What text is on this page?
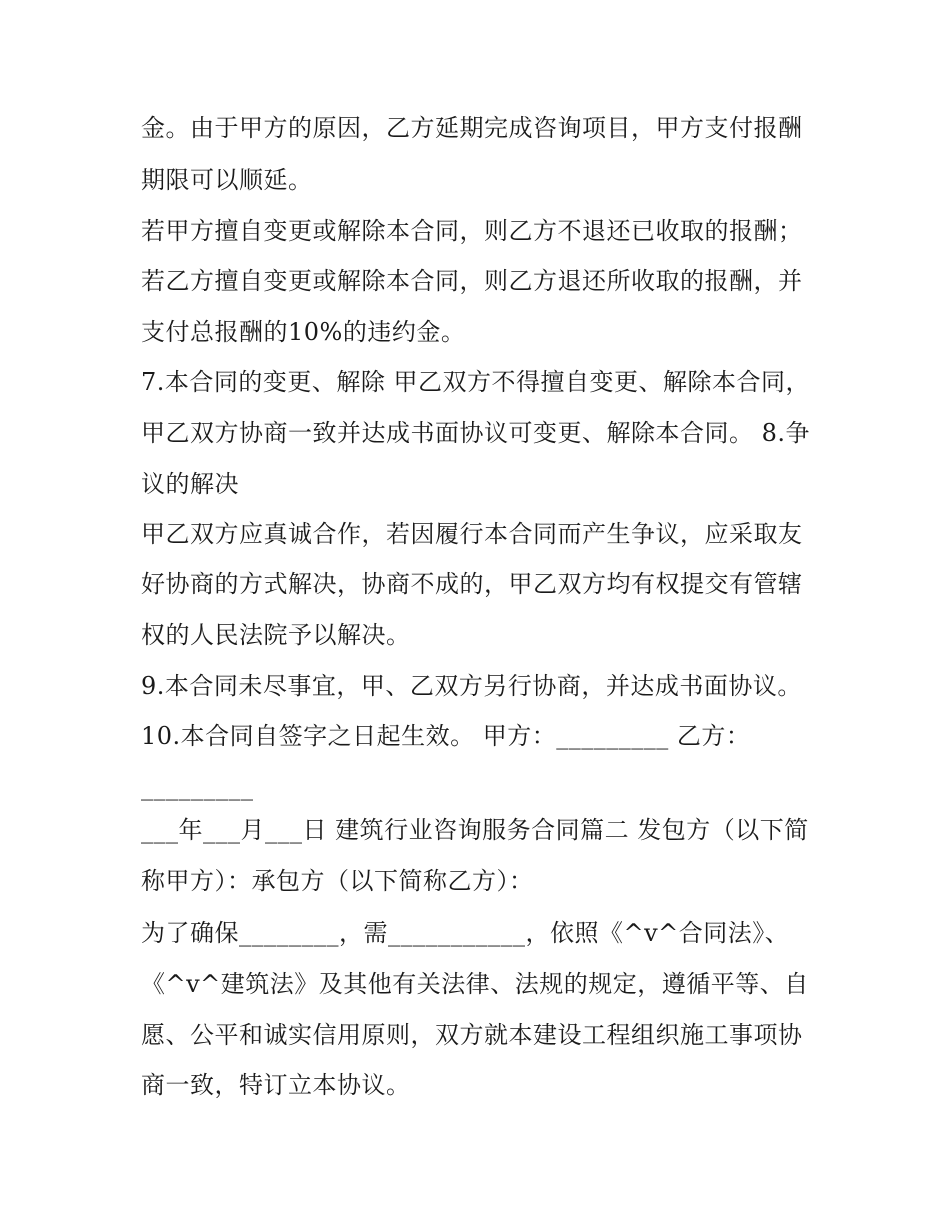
金。由于甲方的原因，乙方延期完成咨询项目，甲方支付报酬
期限可以顺延。
若甲方擅自变更或解除本合同，则乙方不退还已收取的报酬；
若乙方擅自变更或解除本合同，则乙方退还所收取的报酬，并
支付总报酬的10%的违约金。
7.本合同的变更、解除 甲乙双方不得擅自变更、解除本合同，
甲乙双方协商一致并达成书面协议可变更、解除本合同。 8.争
议的解决
甲乙双方应真诚合作，若因履行本合同而产生争议，应采取友
好协商的方式解决，协商不成的，甲乙双方均有权提交有管辖
权的人民法院予以解决。
9.本合同未尽事宜，甲、乙双方另行协商，并达成书面协议。
10.本合同自签字之日起生效。 甲方：_________ 乙方：
_________
___年___月___日 建筑行业咨询服务合同篇二 发包方（以下简
称甲方）：承包方（以下简称乙方）：
为了确保________，需___________，依照《^v^合同法》、
《^v^建筑法》及其他有关法律、法规的规定，遵循平等、自
愿、公平和诚实信用原则，双方就本建设工程组织施工事项协
商一致，特订立本协议。
